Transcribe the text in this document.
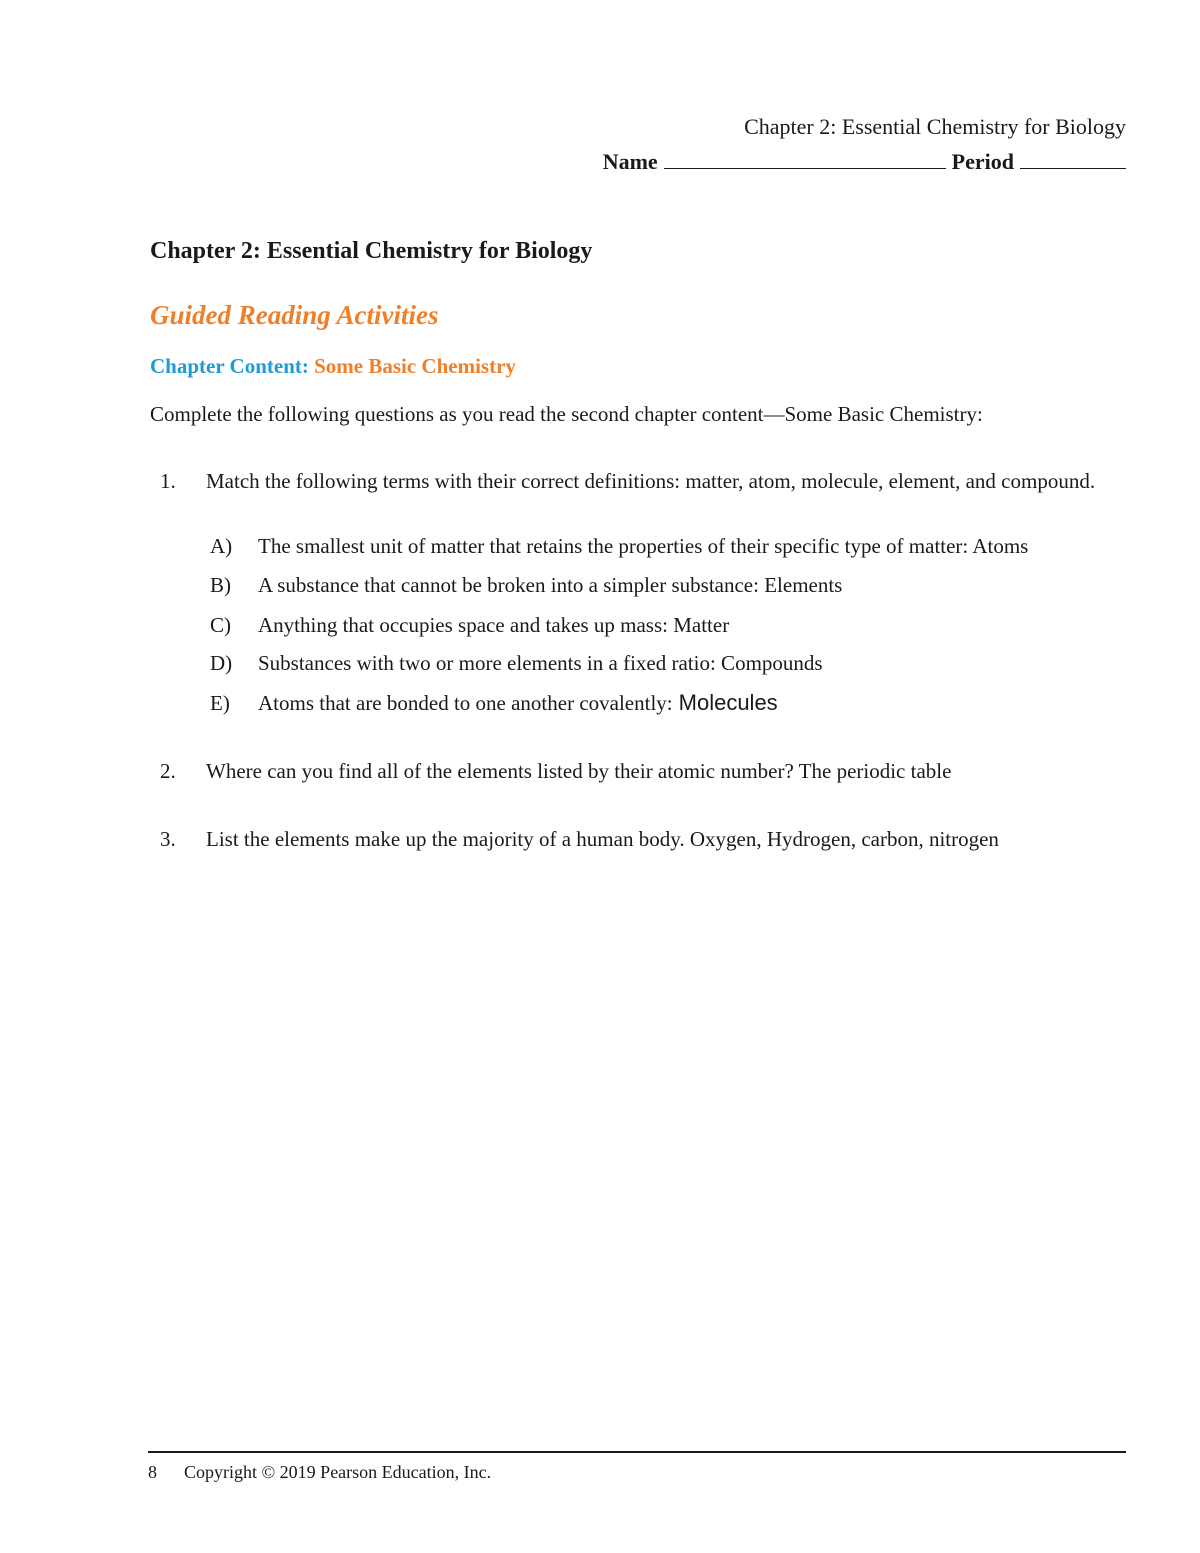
Chapter 2: Essential Chemistry for Biology
Name	Period
Chapter 2: Essential Chemistry for Biology
Guided Reading Activities
Chapter Content: Some Basic Chemistry
Complete the following questions as you read the second chapter content—Some Basic Chemistry:
1.	Match the following terms with their correct definitions: matter, atom, molecule, element, and compound.
A) The smallest unit of matter that retains the properties of their specific type of matter: Atoms
B) A substance that cannot be broken into a simpler substance: Elements
C) Anything that occupies space and takes up mass: Matter
D) Substances with two or more elements in a fixed ratio: Compounds
E) Atoms that are bonded to one another covalently: Molecules
2.	Where can you find all of the elements listed by their atomic number? The periodic table
3.	List the elements make up the majority of a human body. Oxygen, Hydrogen, carbon, nitrogen
8 Copyright © 2019 Pearson Education, Inc.
